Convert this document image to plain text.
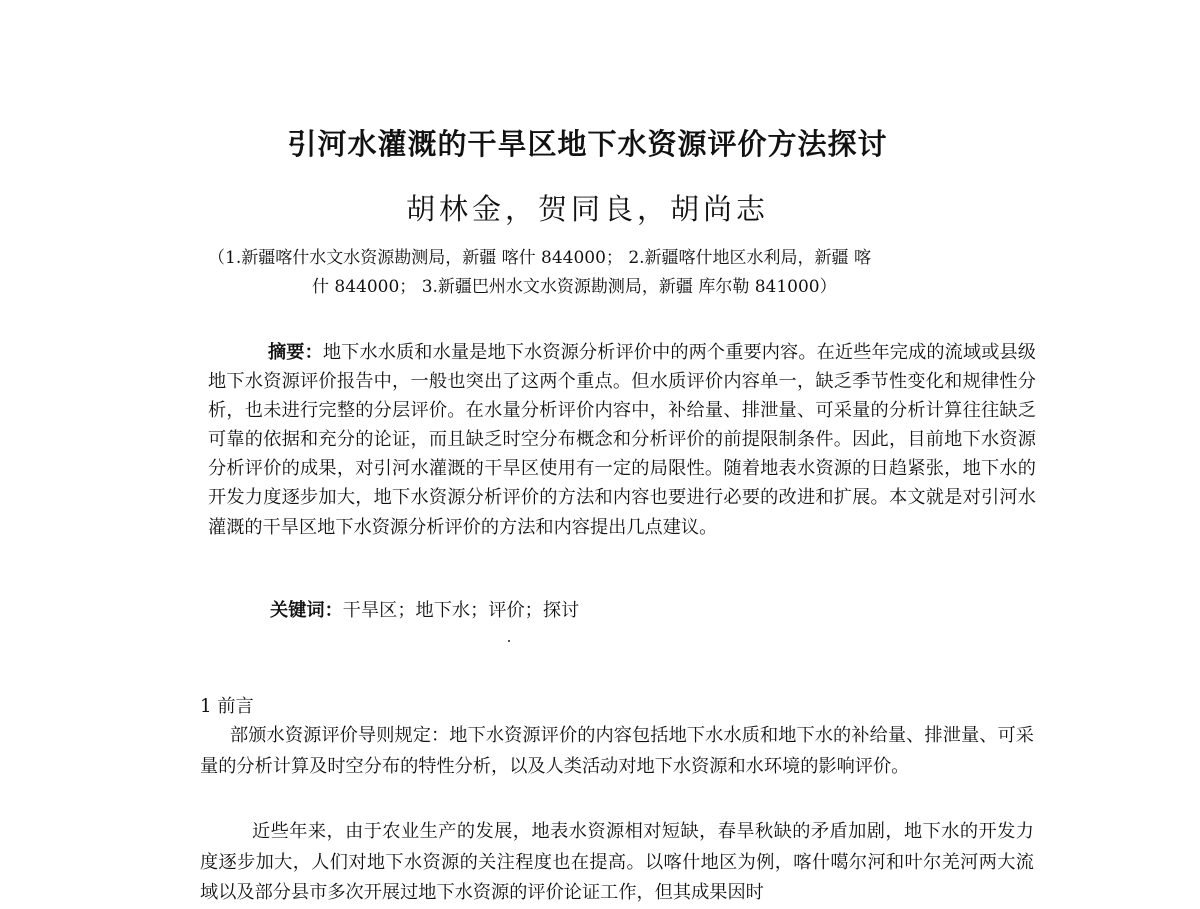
引河水灌溉的干旱区地下水资源评价方法探讨
胡林金，贺同良，胡尚志
（1.新疆喀什水文水资源勘测局，新疆 喀什 844000； 2.新疆喀什地区水利局，新疆 喀
什 844000； 3.新疆巴州水文水资源勘测局，新疆 库尔勒 841000）
摘要：地下水水质和水量是地下水资源分析评价中的两个重要内容。在近些年完成的流域或县级地下水资源评价报告中，一般也突出了这两个重点。但水质评价内容单一，缺乏季节性变化和规律性分析，也未进行完整的分层评价。在水量分析评价内容中，补给量、排泄量、可采量的分析计算往往缺乏可靠的依据和充分的论证，而且缺乏时空分布概念和分析评价的前提限制条件。因此，目前地下水资源分析评价的成果，对引河水灌溉的干旱区使用有一定的局限性。随着地表水资源的日趋紧张，地下水的开发力度逐步加大，地下水资源分析评价的方法和内容也要进行必要的改进和扩展。本文就是对引河水灌溉的干旱区地下水资源分析评价的方法和内容提出几点建议。
关键词：干旱区；地下水；评价；探讨
1 前言
部颁水资源评价导则规定：地下水资源评价的内容包括地下水水质和地下水的补给量、排泄量、可采量的分析计算及时空分布的特性分析，以及人类活动对地下水资源和水环境的影响评价。
近些年来，由于农业生产的发展，地表水资源相对短缺，春旱秋缺的矛盾加剧，地下水的开发力度逐步加大，人们对地下水资源的关注程度也在提高。以喀什地区为例，喀什噶尔河和叶尔羌河两大流域以及部分县市多次开展过地下水资源的评价论证工作，但其成果因时
